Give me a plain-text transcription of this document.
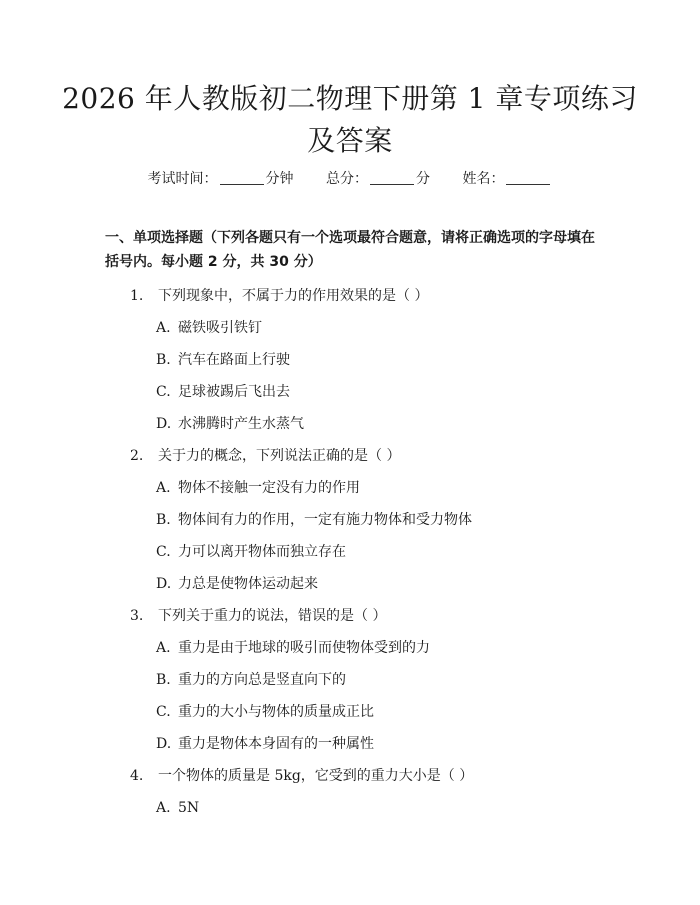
2026 年人教版初二物理下册第 1 章专项练习
及答案
考试时间：	分钟 总分：	分 姓名：
一、单项选择题（下列各题只有一个选项最符合题意，请将正确选项的字母填在括号内。每小题 2 分，共 30 分）
1. 下列现象中，不属于力的作用效果的是（ ）
A. 磁铁吸引铁钉
B. 汽车在路面上行驶
C. 足球被踢后飞出去
D. 水沸腾时产生水蒸气
2. 关于力的概念，下列说法正确的是（ ）
A. 物体不接触一定没有力的作用
B. 物体间有力的作用，一定有施力物体和受力物体
C. 力可以离开物体而独立存在
D. 力总是使物体运动起来
3. 下列关于重力的说法，错误的是（ ）
A. 重力是由于地球的吸引而使物体受到的力
B. 重力的方向总是竖直向下的
C. 重力的大小与物体的质量成正比
D. 重力是物体本身固有的一种属性
4. 一个物体的质量是 5kg，它受到的重力大小是（ ）
A. 5N
